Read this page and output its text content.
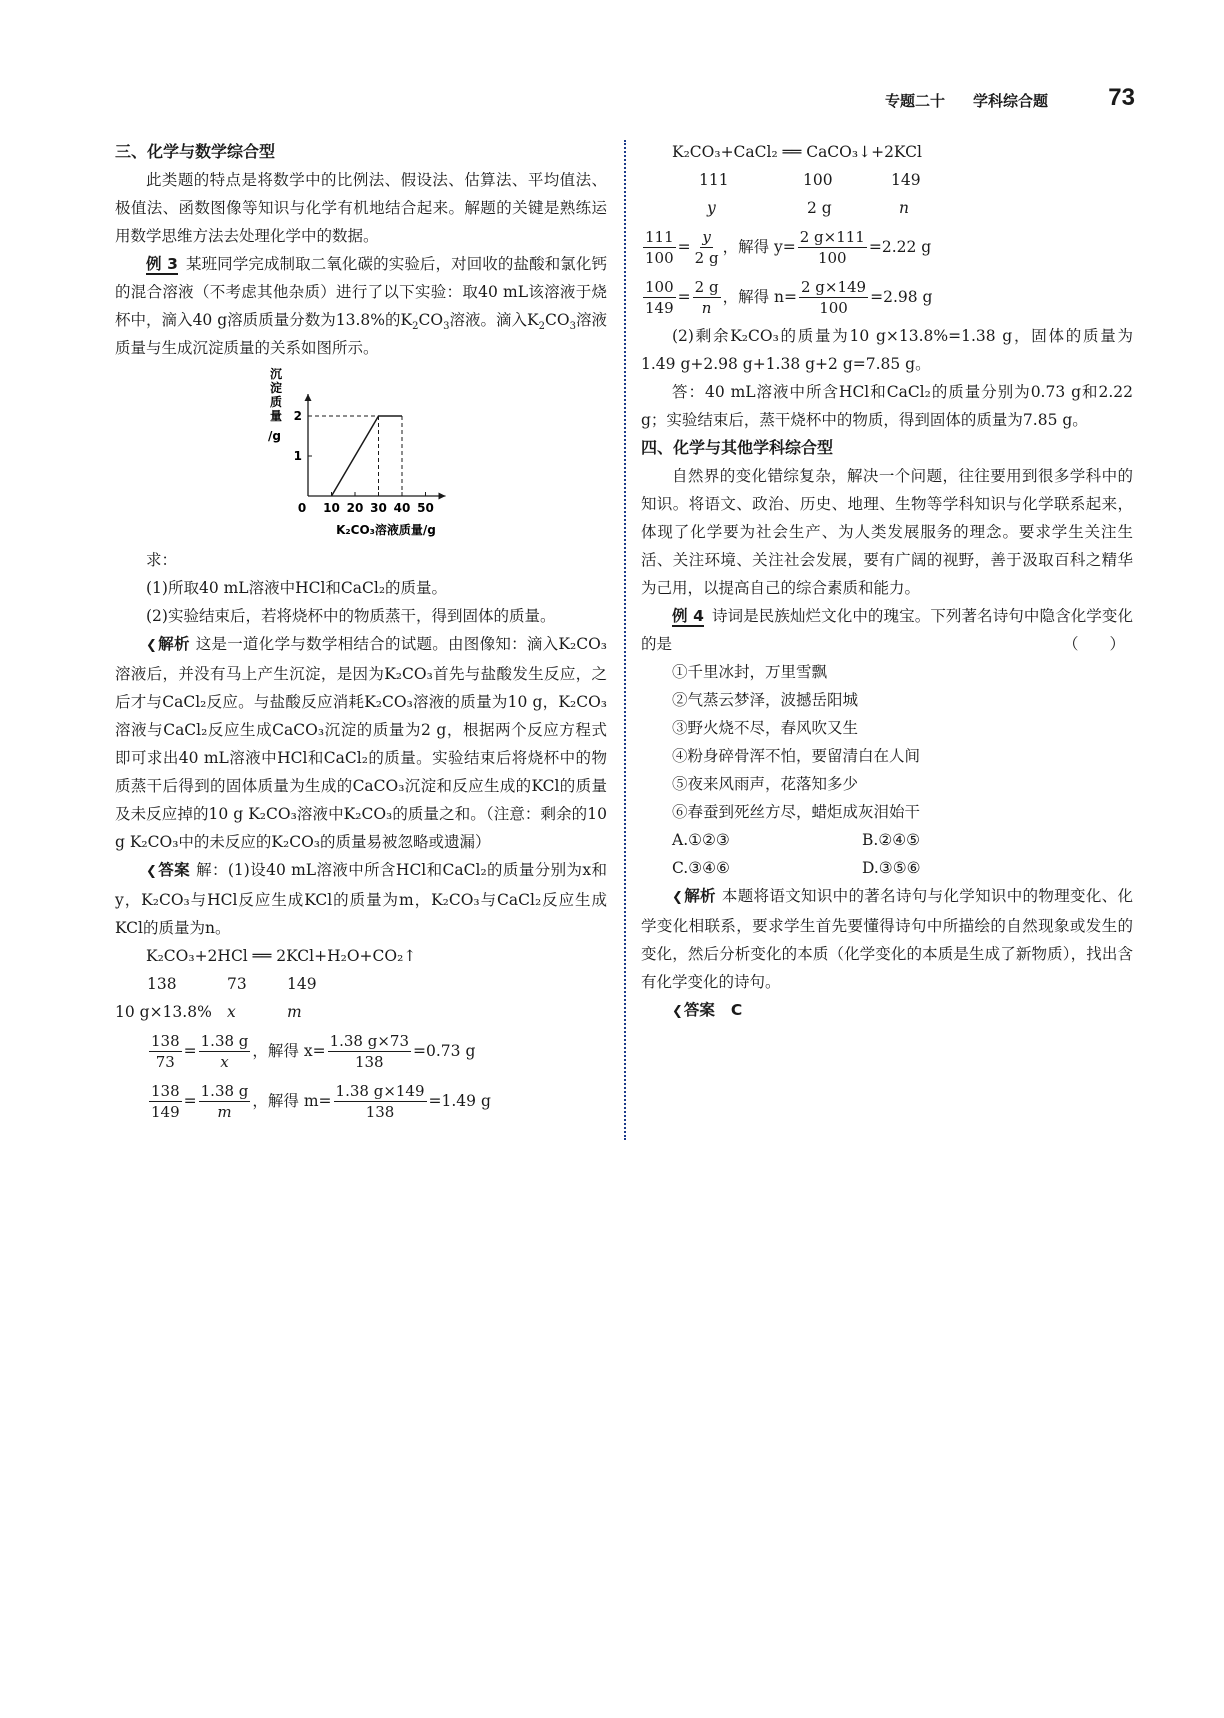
专题二十 学科综合题	73

三、化学与数学综合型

此类题的特点是将数学中的比例法、假设法、估算法、平均值法、极值法、函数图像等知识与化学有机地结合起来。解题的关键是熟练运用数学思维方法去处理化学中的数据。

例 3 某班同学完成制取二氧化碳的实验后，对回收的盐酸和氯化钙的混合溶液（不考虑其他杂质）进行了以下实验：取40 mL该溶液于烧杯中，滴入40 g溶质质量分数为13.8%的$K_2CO_3$溶液。滴入$K_2CO_3$溶液质量与生成沉淀质量的关系如图所示。

0 10 20 30 40 50
1
2
沉
淀
质
量
/g
K₂CO₃溶液质量/g

求：

(1)所取40 mL溶液中HCl和CaCl₂的质量。

(2)实验结束后，若将烧杯中的物质蒸干，得到固体的质量。

❮解析 这是一道化学与数学相结合的试题。由图像知：滴入K₂CO₃溶液后，并没有马上产生沉淀，是因为K₂CO₃首先与盐酸发生反应，之后才与CaCl₂反应。与盐酸反应消耗K₂CO₃溶液的质量为10 g，K₂CO₃溶液与CaCl₂反应生成CaCO₃沉淀的质量为2 g，根据两个反应方程式即可求出40 mL溶液中HCl和CaCl₂的质量。实验结束后将烧杯中的物质蒸干后得到的固体质量为生成的CaCO₃沉淀和反应生成的KCl的质量及未反应掉的10 g K₂CO₃溶液中K₂CO₃的质量之和。（注意：剩余的10 g K₂CO₃中的未反应的K₂CO₃的质量易被忽略或遗漏）

❮答案 解：(1)设40 mL溶液中所含HCl和CaCl₂的质量分别为x和y，K₂CO₃与HCl反应生成KCl的质量为m，K₂CO₃与CaCl₂反应生成KCl的质量为n。

K₂CO₃+2HCl ══ 2KCl+H₂O+CO₂↑

138	73	149
10 g×13.8% x	m
$\frac{138}{73} = \frac{1.38 g}{x}$ ，解得 $x= \frac{1.38 g\times 73}{138} =0.73$ g
$\frac{138}{149} = \frac{1.38 g}{m}$ ，解得 $m= \frac{1.38 g\times 149}{138} =1.49$ g

K₂CO₃+CaCl₂ ══ CaCO₃↓+2KCl

111	100	149
y	2 g	n
$\frac{111}{100} = \frac{y}{2 g}$ ，解得 $y= \frac{2 g\times 111}{100} =2.22$ g
$\frac{100}{149} = \frac{2 g}{n}$ ，解得 $n= \frac{2 g\times 149}{100} =2.98$ g

(2)剩余K₂CO₃的质量为10 g×13.8%=1.38 g，固体的质量为1.49 g+2.98 g+1.38 g+2 g=7.85 g。

答：40 mL溶液中所含HCl和CaCl₂的质量分别为0.73 g和2.22 g；实验结束后，蒸干烧杯中的物质，得到固体的质量为7.85 g。

四、化学与其他学科综合型

自然界的变化错综复杂，解决一个问题，往往要用到很多学科中的知识。将语文、政治、历史、地理、生物等学科知识与化学联系起来，体现了化学要为社会生产、为人类发展服务的理念。要求学生关注生活、关注环境、关注社会发展，要有广阔的视野，善于汲取百科之精华为己用，以提高自己的综合素质和能力。

例 4 诗词是民族灿烂文化中的瑰宝。下列著名诗句中隐含化学变化的是	（　　）

①千里冰封，万里雪飘

②气蒸云梦泽，波撼岳阳城

③野火烧不尽，春风吹又生

④粉身碎骨浑不怕，要留清白在人间

⑤夜来风雨声，花落知多少

⑥春蚕到死丝方尽，蜡炬成灰泪始干

A.①②③	B.②④⑤
C.③④⑥	D.③⑤⑥

❮解析 本题将语文知识中的著名诗句与化学知识中的物理变化、化学变化相联系，要求学生首先要懂得诗句中所描绘的自然现象或发生的变化，然后分析变化的本质（化学变化的本质是生成了新物质），找出含有化学变化的诗句。

❮答案 C
